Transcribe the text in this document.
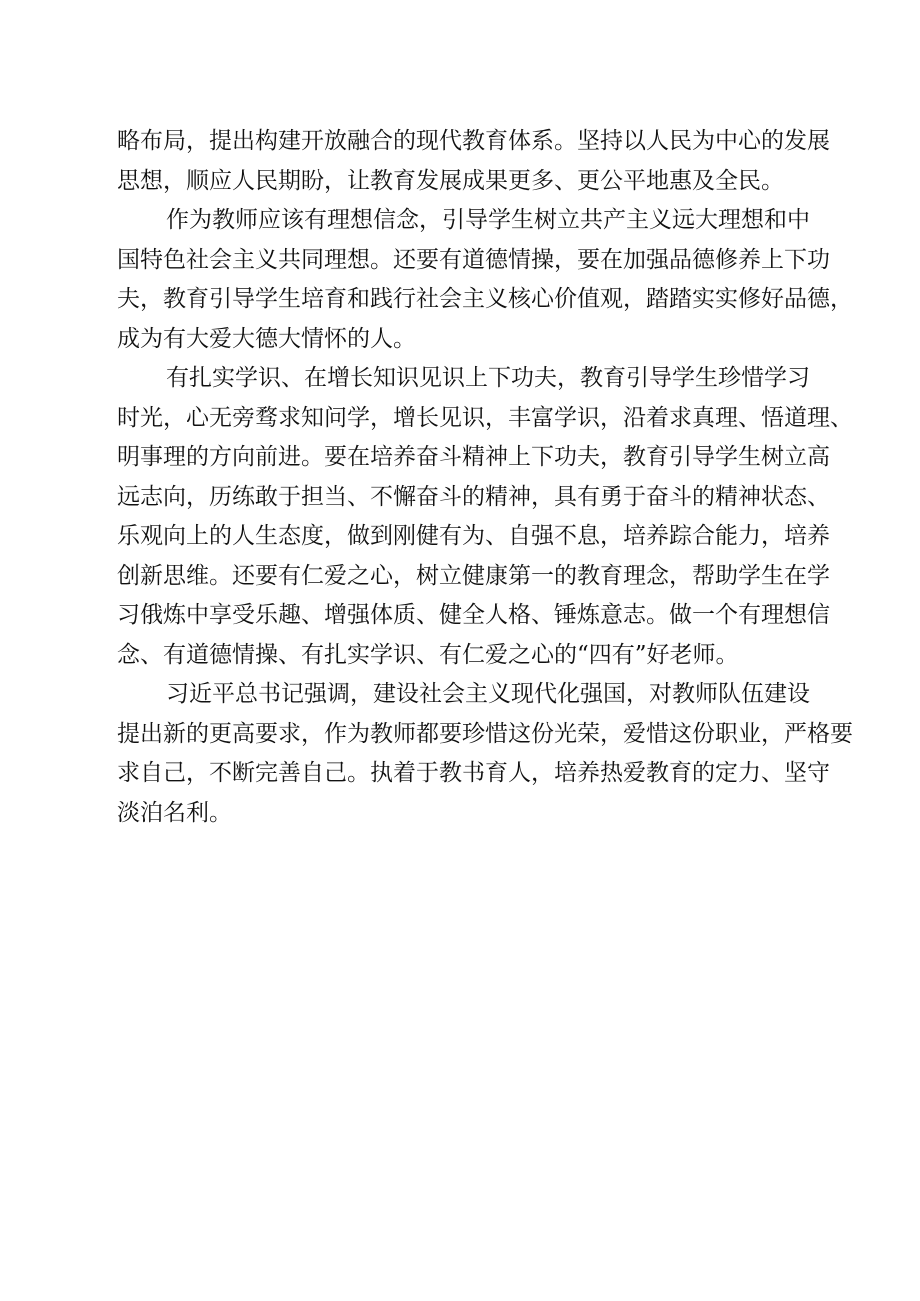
略布局，提出构建开放融合的现代教育体系。坚持以人民为中心的发展
思想，顺应人民期盼，让教育发展成果更多、更公平地惠及全民。
作为教师应该有理想信念，引导学生树立共产主义远大理想和中
国特色社会主义共同理想。还要有道德情操，要在加强品德修养上下功
夫，教育引导学生培育和践行社会主义核心价值观，踏踏实实修好品德，
成为有大爱大德大情怀的人。
有扎实学识、在增长知识见识上下功夫，教育引导学生珍惜学习
时光，心无旁骛求知问学，增长见识，丰富学识，沿着求真理、悟道理、
明事理的方向前进。要在培养奋斗精神上下功夫，教育引导学生树立高
远志向，历练敢于担当、不懈奋斗的精神，具有勇于奋斗的精神状态、
乐观向上的人生态度，做到刚健有为、自强不息，培养踪合能力，培养
创新思维。还要有仁爱之心，树立健康第一的教育理念，帮助学生在学
习俄炼中享受乐趣、增强体质、健全人格、锤炼意志。做一个有理想信
念、有道德情操、有扎实学识、有仁爱之心的“四有”好老师。
习近平总书记强调，建设社会主义现代化强国，对教师队伍建设
提出新的更高要求，作为教师都要珍惜这份光荣，爱惜这份职业，严格要
求自己，不断完善自己。执着于教书育人，培养热爱教育的定力、坚守
淡泊名利。
